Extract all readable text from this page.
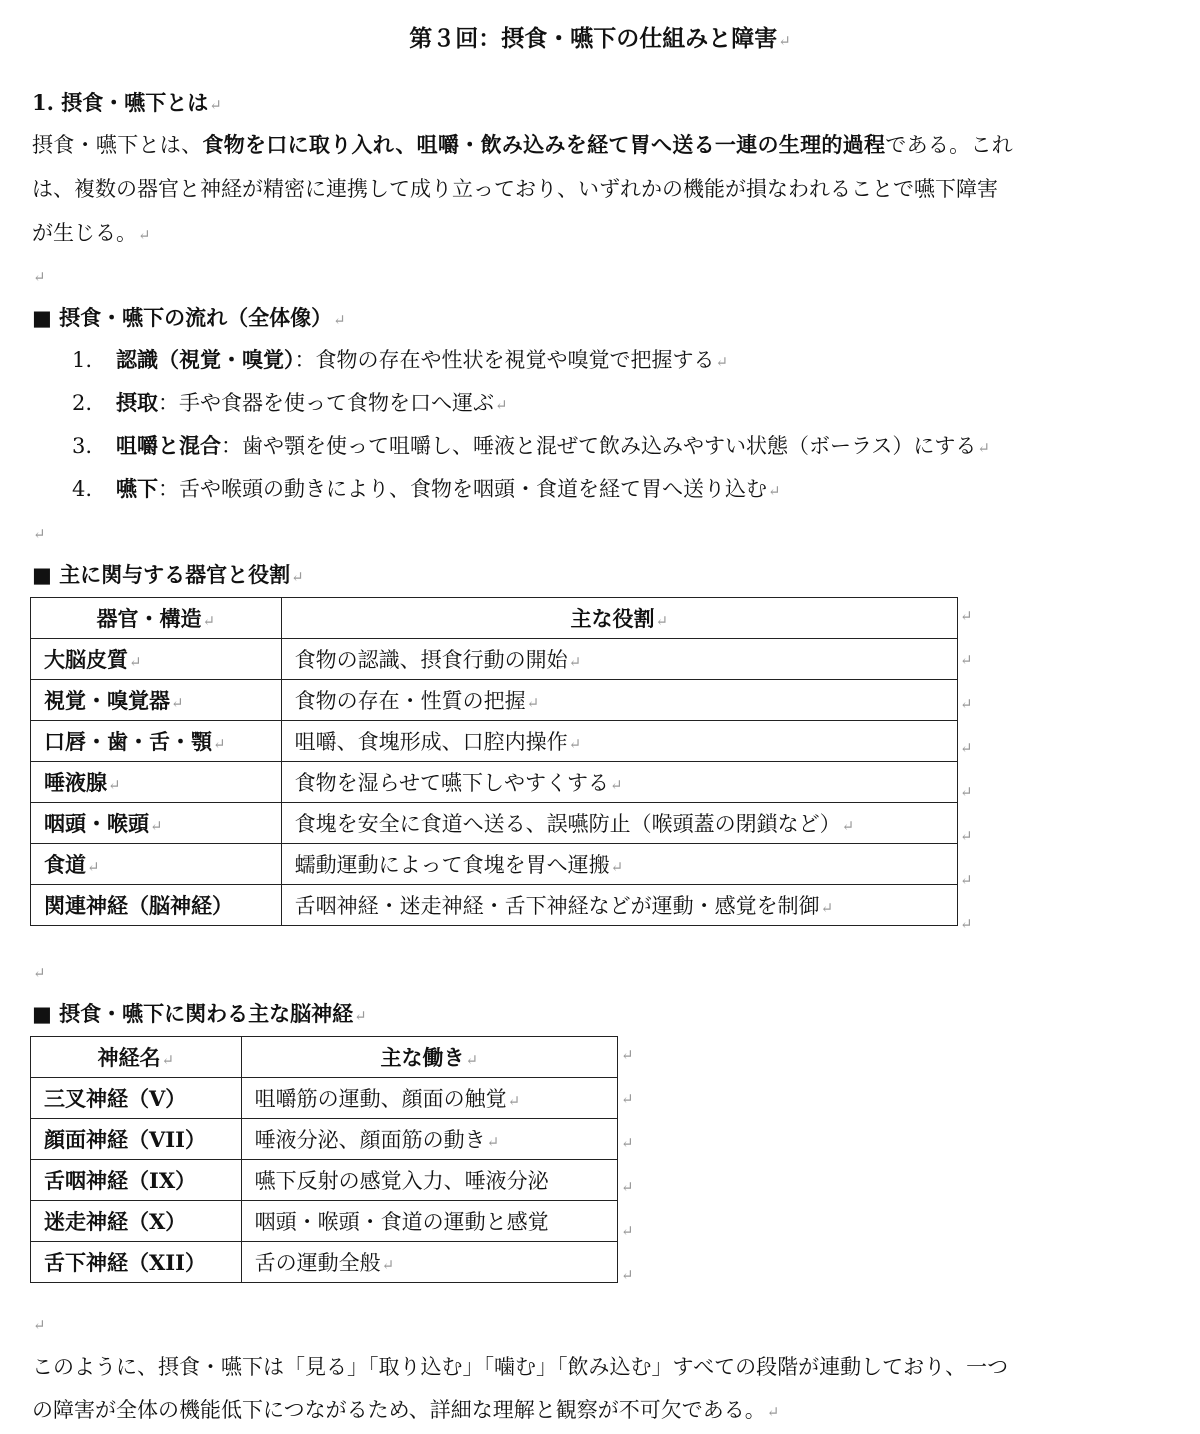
第３回：摂食・嚥下の仕組みと障害↵
1. 摂食・嚥下とは↵
摂食・嚥下とは、食物を口に取り入れ、咀嚼・飲み込みを経て胃へ送る一連の生理的過程である。これ
は、複数の器官と神経が精密に連携して成り立っており、いずれかの機能が損なわれることで嚥下障害
が生じる。↵
↵
■ 摂食・嚥下の流れ（全体像）↵
1. 認識（視覚・嗅覚）：食物の存在や性状を視覚や嗅覚で把握する↵
2. 摂取：手や食器を使って食物を口へ運ぶ↵
3. 咀嚼と混合：歯や顎を使って咀嚼し、唾液と混ぜて飲み込みやすい状態（ボーラス）にする↵
4. 嚥下：舌や喉頭の動きにより、食物を咽頭・食道を経て胃へ送り込む↵
↵
■ 主に関与する器官と役割↵
器官・構造↵	主な役割↵
大脳皮質↵	食物の認識、摂食行動の開始↵
視覚・嗅覚器↵	食物の存在・性質の把握↵
口唇・歯・舌・顎↵	咀嚼、食塊形成、口腔内操作↵
唾液腺↵	食物を湿らせて嚥下しやすくする↵
咽頭・喉頭↵	食塊を安全に食道へ送る、誤嚥防止（喉頭蓋の閉鎖など）↵
食道↵	蠕動運動によって食塊を胃へ運搬↵
関連神経（脳神経）	舌咽神経・迷走神経・舌下神経などが運動・感覚を制御↵
↵
↵
↵
↵
↵
↵
↵
↵
↵
■ 摂食・嚥下に関わる主な脳神経↵
神経名↵	主な働き↵
三叉神経（V）	咀嚼筋の運動、顔面の触覚↵
顔面神経（VII）	唾液分泌、顔面筋の動き↵
舌咽神経（IX）	嚥下反射の感覚入力、唾液分泌
迷走神経（X）	咽頭・喉頭・食道の運動と感覚
舌下神経（XII）	舌の運動全般↵
↵
↵
↵
↵
↵
↵
↵
このように、摂食・嚥下は「見る」「取り込む」「噛む」「飲み込む」すべての段階が連動しており、一つ
の障害が全体の機能低下につながるため、詳細な理解と観察が不可欠である。↵
